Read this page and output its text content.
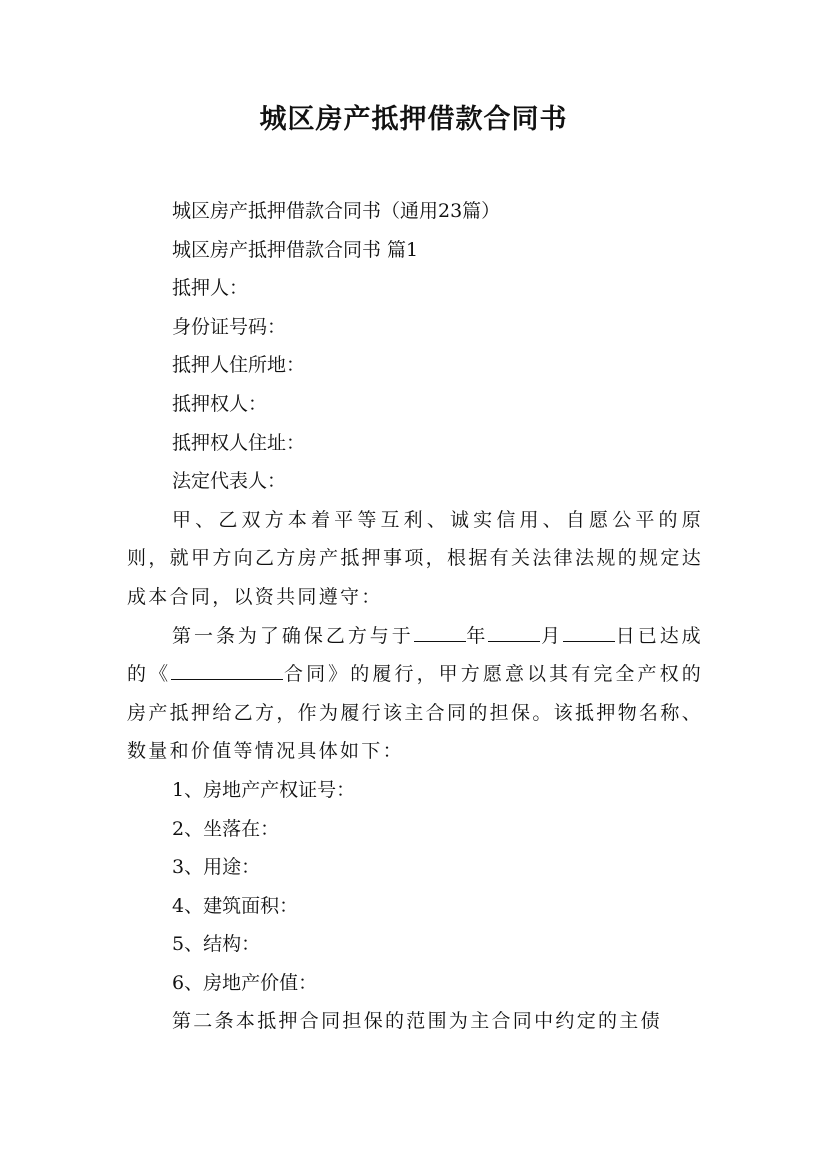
城区房产抵押借款合同书

城区房产抵押借款合同书（通用23篇）

城区房产抵押借款合同书 篇1

抵押人：

身份证号码：

抵押人住所地：

抵押权人：

抵押权人住址：

法定代表人：

甲、乙双方本着平等互利、诚实信用、自愿公平的原则，就甲方向乙方房产抵押事项，根据有关法律法规的规定达成本合同，以资共同遵守：

第一条为了确保乙方与于	年	月	日已达成的《	合同》的履行，甲方愿意以其有完全产权的房产抵押给乙方，作为履行该主合同的担保。该抵押物名称、数量和价值等情况具体如下：

1、房地产产权证号：

2、坐落在：

3、用途：

4、建筑面积：

5、结构：

6、房地产价值：

第二条本抵押合同担保的范围为主合同中约定的主债
